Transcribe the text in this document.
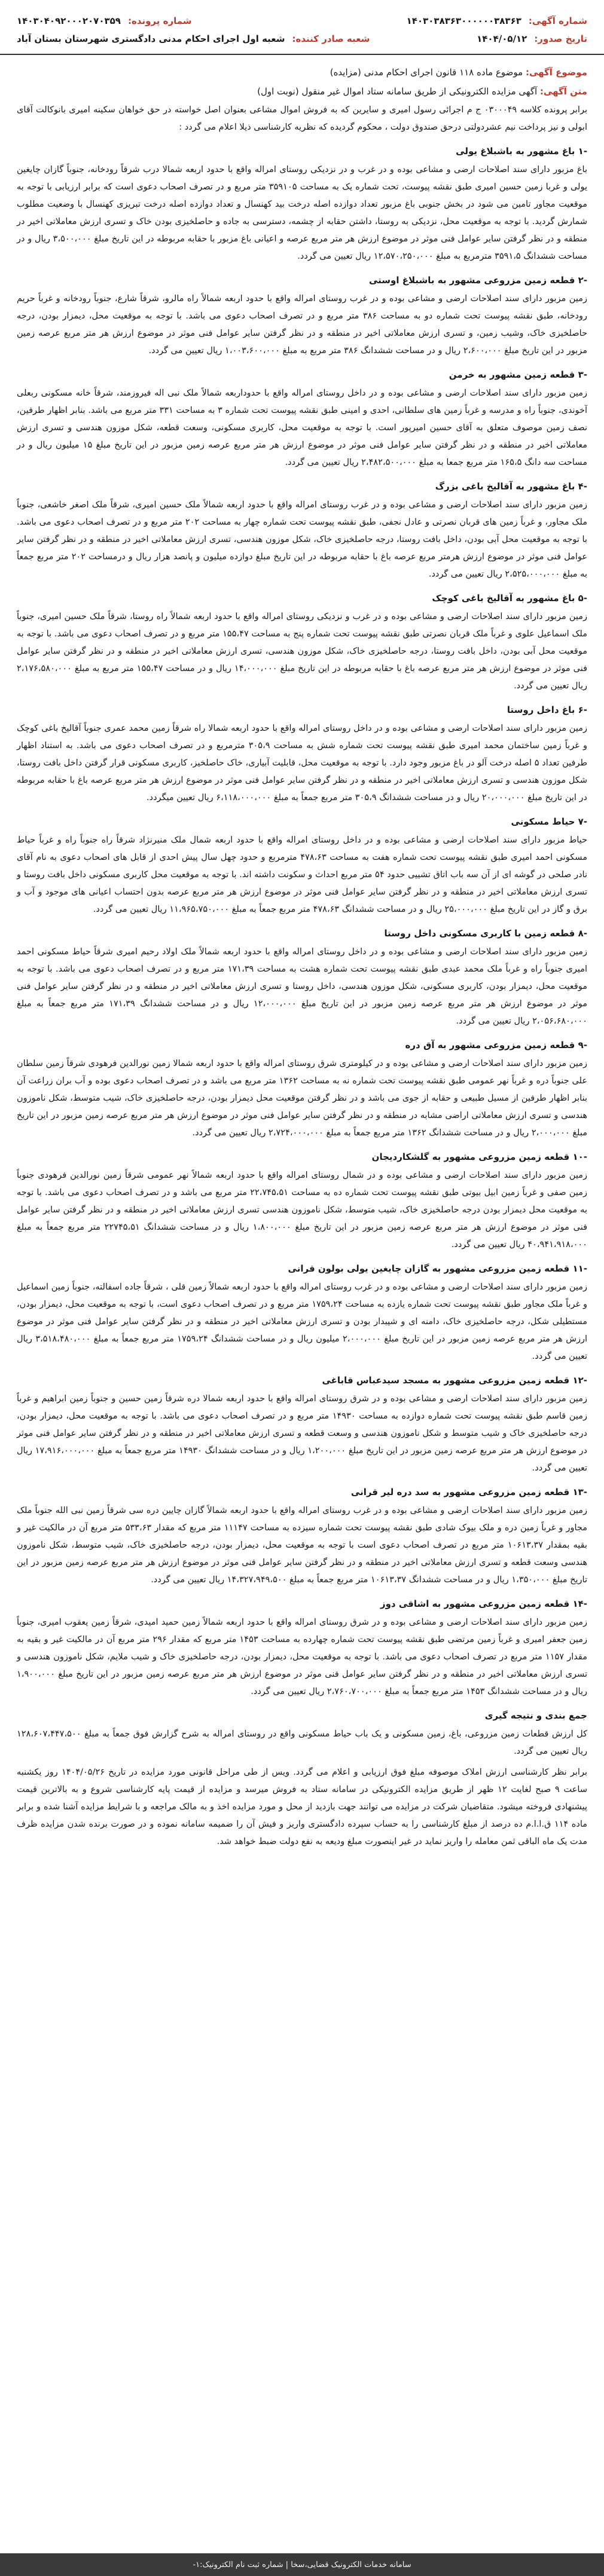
شماره آگهی:
۱۴۰۳۰۳۸۳۶۳۰۰۰۰۰۰۳۸۳۶۳
شماره پرونده:
۱۴۰۳۰۴۰۹۲۰۰۰۲۰۷۰۳۵۹
تاریخ صدور:
۱۴۰۴/۰۵/۱۲
شعبه صادر کننده:
شعبه اول اجرای احکام مدنی دادگستری شهرستان بستان آباد
موضوع آگهی: موضوع ماده ۱۱۸ قانون اجرای احکام مدنی (مزایده)
متن آگهی: آگهی مزایده الکترونیکی از طریق سامانه ستاد اموال غیر منقول (نوبت اول)

برابر پرونده کلاسه ۰۳۰۰۰۴۹ ج م اجرائی رسول امیری و سایرین که به فروش اموال مشاعی بعنوان اصل خواسته در حق خواهان سکینه امیری بانوکالت آقای ابولی و نیز پرداخت نیم عشردولتی درحق صندوق دولت ، محکوم گردیده که نظریه کارشناسی ذیلا اعلام می گردد :

-۱ باغ مشهور به باشبلاغ یولی

باغ مزبور دارای سند اصلاحات ارضی و مشاعی بوده و در غرب و در نزدیکی روستای امراله واقع با حدود اربعه شمالا درب شرقاً رودخانه، جنوباً گازان چایغین یولی و غربا زمین حسین امیری طبق نقشه پیوست، تحت شماره یک به مساحت ۳۵۹۱۰۵ متر مربع و در تصرف اصحاب دعوی است که برابر ارزیابی با توجه به موقعیت مجاور تامین می شود در بخش جنوبی باغ مزبور تعداد دوازده اصله درخت بید کهنسال و تعداد دوازده اصله درخت تبریزی کهنسال با وضعیت مطلوب شمارش گردید. با توجه به موقعیت محل، نزدیکی به روستا، داشتن حقابه از چشمه، دسترسی به جاده و حاصلخیزی بودن خاک و تسری ارزش معاملاتی اخیر در منطقه و در نظر گرفتن سایر عوامل فنی موثر در موضوع ارزش هر متر مربع عرصه و اعیانی باغ مزبور با حقابه مربوطه در این تاریخ مبلغ ۳،۵۰۰،۰۰۰ ریال و در مساحت ششدانگ ۳۵۹۱،۵ مترمربع به مبلغ ۱۲،۵۷۰،۲۵۰،۰۰۰ ریال تعیین می گردد.

-۲ قطعه زمین مزروعی مشهور به باشبلاغ اوستی

زمین مزبور دارای سند اصلاحات ارضی و مشاعی بوده و در غرب روستای امراله واقع با حدود اربعه شمالاً راه مالرو، شرقاً شارع، جنوباً رودخانه و غرباً حریم رودخانه، طبق نقشه پیوست تحت شماره دو به مساحت ۳۸۶ متر مربع و در تصرف اصحاب دعوی می باشد. با توجه به موقعیت محل، دیمزار بودن، درجه حاصلخیزی خاک، وشیب زمین، و تسری ارزش معاملاتی اخیر در منطقه و در نظر گرفتن سایر عوامل فنی موثر در موضوع ارزش هر متر مربع عرصه زمین مزبور در این تاریخ مبلغ ۲،۶۰۰،۰۰۰ ریال و در مساحت ششدانگ ۳۸۶ متر مربع به مبلغ ۱،۰۰۳،۶۰۰،۰۰۰ ریال تعیین می گردد.

-۳ قطعه زمین مشهور به خرمن

زمین مزبور دارای سند اصلاحات ارضی و مشاعی بوده و در داخل روستای امراله واقع با حدوداربعه شمالاً ملک نبی اله فیروزمند، شرقاً خانه مسکونی ربعلی آخوندی، جنوباً راه و مدرسه و غرباً زمین های سلطانی، احدی و امینی طبق نقشه پیوست تحت شماره ۳ به مساحت ۳۳۱ متر مربع می باشد. بنابر اظهار طرفین، نصف زمین موصوف متعلق به آقای حسین امیرپور است. با توجه به موقعیت محل، کاربری مسکونی، وسعت قطعه، شکل موزون هندسی و تسری ارزش معاملاتی اخیر در منطقه و در نظر گرفتن سایر عوامل فنی موثر در موضوع ارزش هر متر مربع عرصه زمین مزبور در این تاریخ مبلغ ۱۵ میلیون ریال و در مساحت سه دانگ ۱۶۵،۵ متر مربع جمعا به مبلغ ۲،۴۸۲،۵۰۰،۰۰۰ ریال تعیین می گردد.

-۴ باغ مشهور به آقالیخ باغی بزرگ

زمین مزبور دارای سند اصلاحات ارضی و مشاعی بوده و در غرب روستای امراله واقع با حدود اربعه شمالاً ملک حسین امیری، شرقاً ملک اصغر خاشعی، جنوباً ملک مجاور، و غرباً زمین های قربان نصرتی و عادل نجفی، طبق نقشه پیوست تحت شماره چهار به مساحت ۲۰۲ متر مربع و در تصرف اصحاب دعوی می باشد. با توجه به موقعیت محل آبی بودن، داخل بافت روستا، درجه حاصلخیزی خاک، شکل موزون هندسی، تسری ارزش معاملاتی اخیر در منطقه و در نظر گرفتن سایر عوامل فنی موثر در موضوع ارزش هرمتر مربع عرصه باغ با حقابه مربوطه در این تاریخ مبلغ دوازده میلیون و پانصد هزار ریال و درمساحت ۲۰۲ متر مربع جمعاً به مبلغ ۲،۵۲۵،۰۰۰،۰۰۰ ریال تعیین می گردد.

-۵ باغ مشهور به آقالیخ باغی کوچک

زمین مزبور دارای سند اصلاحات ارضی و مشاعی بوده و در غرب و نزدیکی روستای امراله واقع با حدود اربعه شمالاً راه روستا، شرقاً ملک حسین امیری، جنوباً ملک اسماعیل علوی و غرباً ملک قربان نصرتی طبق نقشه پیوست تحت شماره پنج به مساحت ۱۵۵،۴۷ متر مربع و در تصرف اصحاب دعوی می باشد. با توجه به موقعیت محل آبی بودن، داخل بافت روستا، درجه حاصلخیزی خاک، شکل موزون هندسی، تسری ارزش معاملاتی اخیر در منطقه و در نظر گرفتن سایر عوامل فنی موثر در موضوع ارزش هر متر مربع عرصه باغ با حقابه مربوطه در این تاریخ مبلغ ۱۴،۰۰۰،۰۰۰ ریال و در مساحت ۱۵۵،۴۷ متر مربع به مبلغ ۲،۱۷۶،۵۸۰،۰۰۰ ریال تعیین می گردد.

-۶ باغ داخل روستا

زمین مزبور دارای سند اصلاحات ارضی و مشاعی بوده و در داخل روستای امراله واقع با حدود اربعه شمالا راه شرقاً زمین محمد عمری جنوباً آقالیخ باغی کوچک و غرباً زمین ساختمان محمد امیری طبق نقشه پیوست تحت شماره شش به مساحت ۳۰۵،۹ مترمربع و در تصرف اصحاب دعوی می باشد. به استناد اظهار طرفین تعداد ۵ اصله درخت آلو در باغ مزبور وجود دارد. با توجه به موقعیت محل، قابلیت آبیاری، خاک حاصلخیز، کاربری مسکونی قرار گرفتن داخل بافت روستا، شکل موزون هندسی و تسری ارزش معاملاتی اخیر در منطقه و در نظر گرفتن سایر عوامل فنی موثر در موضوع ارزش هر متر مربع عرصه باغ با حقابه مربوطه در این تاریخ مبلغ ۲۰،۰۰۰،۰۰۰ ریال و در مساحت ششدانگ ۳۰۵،۹ متر مربع جمعاً به مبلغ ۶،۱۱۸،۰۰۰،۰۰۰ ریال تعیین میگردد.

-۷ حیاط مسکونی

حیاط مزبور دارای سند اصلاحات ارضی و مشاعی بوده و در داخل روستای امراله واقع با حدود اربعه شمال ملک منیرنژاد شرقاً راه جنوباً راه و غرباً حیاط مسکونی احمد امیری طبق نقشه پیوست تحت شماره هفت به مساحت ۴۷۸،۶۳ مترمربع و حدود چهل سال پیش احدی از قابل های اصحاب دعوی به نام آقای نادر صلحی در گوشه ای از آن سه باب اتاق تشییی حدود ۵۴ متر مربع احداث و سکونت داشته اند. با توجه به موقعیت محل کاربری مسکونی داخل بافت روستا و تسری ارزش معاملاتی اخیر در منطقه و در نظر گرفتن سایر عوامل فنی موثر در موضوع ارزش هر متر مربع عرصه بدون احتساب اعیانی های موجود و آب و برق و گاز در این تاریخ مبلغ ۲۵،۰۰۰،۰۰۰ ریال و در مساحت ششدانگ ۴۷۸،۶۳ متر مربع جمعاً به مبلغ ۱۱،۹۶۵،۷۵۰،۰۰۰ ریال تعیین می گردد.

-۸ قطعه زمین با کاربری مسکونی داخل روستا

زمین مزبور دارای سند اصلاحات ارضی و مشاعی بوده و در داخل روستای امراله واقع با حدود اربعه شمالاً ملک اولاد رحیم امیری شرقاً حیاط مسکونی احمد امیری جنوباً راه و غرباً ملک محمد عبدی طبق نقشه پیوست تحت شماره هشت به مساحت ۱۷۱،۳۹ متر مربع و در تصرف اصحاب دعوی می باشد. با توجه به موقعیت محل، دیمزار بودن، کاربری مسکونی، شکل موزون هندسی، داخل روستا و تسری ارزش معاملاتی اخیر در منطقه و در نظر گرفتن سایر عوامل فنی موثر در موضوع ارزش هر متر مربع عرصه زمین مزبور در این تاریخ مبلغ ۱۲،۰۰۰،۰۰۰ ریال و در مساحت ششدانگ ۱۷۱،۳۹ متر مربع جمعاً به مبلغ ۲،۰۵۶،۶۸۰،۰۰۰ ریال تعیین می گردد.

-۹ قطعه زمین مزروعی مشهور به آق دره

زمین مزبور دارای سند اصلاحات ارضی و مشاعی بوده و در کیلومتری شرق روستای امراله واقع با حدود اربعه شمالا زمین نورالدین فرهودی شرقاً زمین سلطان علی جنوباً دره و غرباً نهر عمومی طبق نقشه پیوست تحت شماره نه به مساحت ۱۳۶۲ متر مربع می باشد و در تصرف اصحاب دعوی بوده و آب بران زراعت آن بنابر اظهار طرفین از مسیل طبیعی و حقابه از جوی می باشد و در نظر گرفتن موقعیت محل دیمزار بودن، درجه حاصلخیزی خاک، شیب متوسط، شکل ناموزون هندسی و تسری ارزش معاملاتی اراضی مشابه در منطقه و در نظر گرفتن سایر عوامل فنی موثر در موضوع ارزش هر متر مربع عرصه زمین مزبور در این تاریخ مبلغ ۲،۰۰۰،۰۰۰ ریال و در مساحت ششدانگ ۱۳۶۲ متر مربع جمعاً به مبلغ ۲،۷۲۴،۰۰۰،۰۰۰ ریال تعیین می گردد.

-۱۰ قطعه زمین مزروعی مشهور به گلشکاردیجان

زمین مزبور دارای سند اصلاحات ارضی و مشاعی بوده و در شمال روستای امراله واقع با حدود اربعه شمالاً نهر عمومی شرقاً زمین نورالدین فرهودی جنوباً زمین صفی و غرباً زمین ابیل بیوتی طبق نقشه پیوست تحت شماره ده به مساحت ۲۲،۷۴۵،۵۱ متر مربع می باشد و در تصرف اصحاب دعوی می باشد. با توجه به موقعیت محل دیمزار بودن درجه حاصلخیزی خاک، شیب متوسط، شکل ناموزون هندسی تسری ارزش معاملاتی اخیر در منطقه و در نظر گرفتن سایر عوامل فنی موثر در موضوع ارزش هر متر مربع عرصه زمین مزبور در این تاریخ مبلغ ۱،۸۰۰،۰۰۰ ریال و در مساحت ششدانگ ۲۲۷۴۵،۵۱ متر مربع جمعاً به مبلغ ۴۰،۹۴۱،۹۱۸،۰۰۰ ریال تعیین می گردد.

-۱۱ قطعه زمین مزروعی مشهور به گازان چایغین یولی بولون قرانی

زمین مزبور دارای سند اصلاحات ارضی و مشاعی بوده و در غرب روستای امراله واقع با حدود اربعه شمالاً زمین قلی ، شرقاً جاده اسفالته، جنوباً زمین اسماعیل و غرباً ملک مجاور طبق نقشه پیوست تحت شماره یازده به مساحت ۱۷۵۹،۲۴ متر مربع و در تصرف اصحاب دعوی است، با توجه به موقعیت محل، دیمزار بودن، مستطیلی شکل، درجه حاصلخیزی خاک، دامنه ای و شیبدار بودن و تسری ارزش معاملاتی اخیر در منطقه و در نظر گرفتن سایر عوامل فنی موثر در موضوع ارزش هر متر مربع عرصه زمین مزبور در این تاریخ مبلغ ۲،۰۰۰،۰۰۰ میلیون ریال و در مساحت ششدانگ ۱۷۵۹،۲۴ متر مربع جمعاً به مبلغ ۳،۵۱۸،۴۸۰،۰۰۰ ریال تعیین می گردد.

-۱۲ قطعه زمین مزروعی مشهور به مسجد سیدعباس قاباغی

زمین مزبور دارای سند اصلاحات ارضی و مشاعی بوده و در شرق روستای امراله واقع با حدود اربعه شمالا دره شرقاً زمین حسین و جنوباً زمین ابراهیم و غرباً زمین قاسم طبق نقشه پیوست تحت شماره دوازده به مساحت ۱۴۹۳۰ متر مربع و در تصرف اصحاب دعوی می باشد. با توجه به موقعیت محل، دیمزار بودن، درجه حاصلخیزی خاک و شیب متوسط و شکل ناموزون هندسی و وسعت قطعه و تسری ارزش معاملاتی اخیر در منطقه و در نظر گرفتن سایر عوامل فنی موثر در موضوع ارزش هر متر مربع عرصه زمین مزبور در این تاریخ مبلغ ۱،۲۰۰،۰۰۰ ریال و در مساحت ششدانگ ۱۴۹۳۰ متر مربع جمعاً به مبلغ ۱۷،۹۱۶،۰۰۰،۰۰۰ ریال تعیین می گردد.

-۱۳ قطعه زمین مزروعی مشهور به سد دره لیر قرانی

زمین مزبور دارای سند اصلاحات ارضی و مشاعی بوده و در غرب روستای امراله واقع با حدود اربعه شمالاً گازان چایین دره سی شرقاً زمین نبی الله جنوباً ملک مجاور و غرباً زمین دره و ملک بیوک شادی طبق نقشه پیوست تحت شماره سیزده به مساحت ۱۱۱۴۷ متر مربع که مقدار ۵۳۳،۶۳ متر مربع آن در مالکیت غیر و بقیه بمقدار ۱۰۶۱۳،۳۷ متر مربع در تصرف اصحاب دعوی است با توجه به موقعیت محل، دیمزار بودن، درجه حاصلخیزی خاک، شیب متوسط، شکل ناموزون هندسی وسعت قطعه و تسری ارزش معاملاتی اخیر در منطقه و در نظر گرفتن سایر عوامل فنی موثر در موضوع ارزش هر متر مربع عرصه زمین مزبور در این تاریخ مبلغ ۱،۳۵۰،۰۰۰ ریال و در مساحت ششدانگ ۱۰۶۱۳،۳۷ متر مربع جمعاً به مبلغ ۱۴،۳۲۷،۹۴۹،۵۰۰ ریال تعیین می گردد.

-۱۴ قطعه زمین مزروعی مشهور به اشاقی دوز

زمین مزبور دارای سند اصلاحات ارضی و مشاعی بوده و در شرق روستای امراله واقع با حدود اربعه شمالاً زمین حمید امیدی، شرقاً زمین یعقوب امیری، جنوباً زمین جعفر امیری و غرباً زمین مرتضی طبق نقشه پیوست تحت شماره چهارده به مساحت ۱۴۵۳ متر مربع که مقدار ۲۹۶ متر مربع آن در مالکیت غیر و بقیه به مقدار ۱۱۵۷ متر مربع در تصرف اصحاب دعوی می باشد. با توجه به موقعیت محل، دیمزار بودن، درجه حاصلخیزی خاک و شیب ملایم، شکل ناموزون هندسی و تسری ارزش معاملاتی اخیر در منطقه و در نظر گرفتن سایر عوامل فنی موثر در موضوع ارزش هر متر مربع عرصه زمین مزبور در این تاریخ مبلغ ۱،۹۰۰،۰۰۰ ریال و در مساحت ششدانگ ۱۴۵۳ متر مربع جمعاً به مبلغ ۲،۷۶۰،۷۰۰،۰۰۰ ریال تعیین می گردد.

جمع بندی و نتیجه گیری

کل ارزش قطعات زمین مزروعی، باغ، زمین مسکونی و یک باب حیاط مسکونی واقع در روستای امراله به شرح گزارش فوق جمعاً به مبلغ ۱۲۸،۶۰۷،۴۴۷،۵۰۰ ریال تعیین می گردد.

برابر نظر کارشناسی ارزش املاک موصوفه مبلغ فوق ارزیابی و اعلام می گردد. ویس از طی مراحل قانونی مورد مزایده در تاریخ ۱۴۰۴/۰۵/۲۶ روز یکشنبه ساعت ۹ صبح لغایت ۱۲ ظهر از طریق مزایده الکترونیکی در سامانه ستاد به فروش میرسد و مزایده از قیمت پایه کارشناسی شروع و به بالاترین قیمت پیشنهادی فروخته میشود. متقاضیان شرکت در مزایده می توانند جهت بازدید از محل و مورد مزایده اخذ و به مالک مراجعه و با شرایط مزایده آشنا شده و برابر ماده ۱۱۴ ق.ا.ا.م ده درصد از مبلغ کارشناسی را به حساب سپرده دادگستری واریز و فیش آن را ضمیمه سامانه نموده و در صورت برنده شدن مزایده ظرف مدت یک ماه الباقی ثمن معامله را واریز نماید در غیر اینصورت مبلغ ودیعه به نفع دولت ضبط خواهد شد.

سامانه خدمات الکترونیک قضایی،سخا | شماره ثبت نام الکترونیک:۱-
